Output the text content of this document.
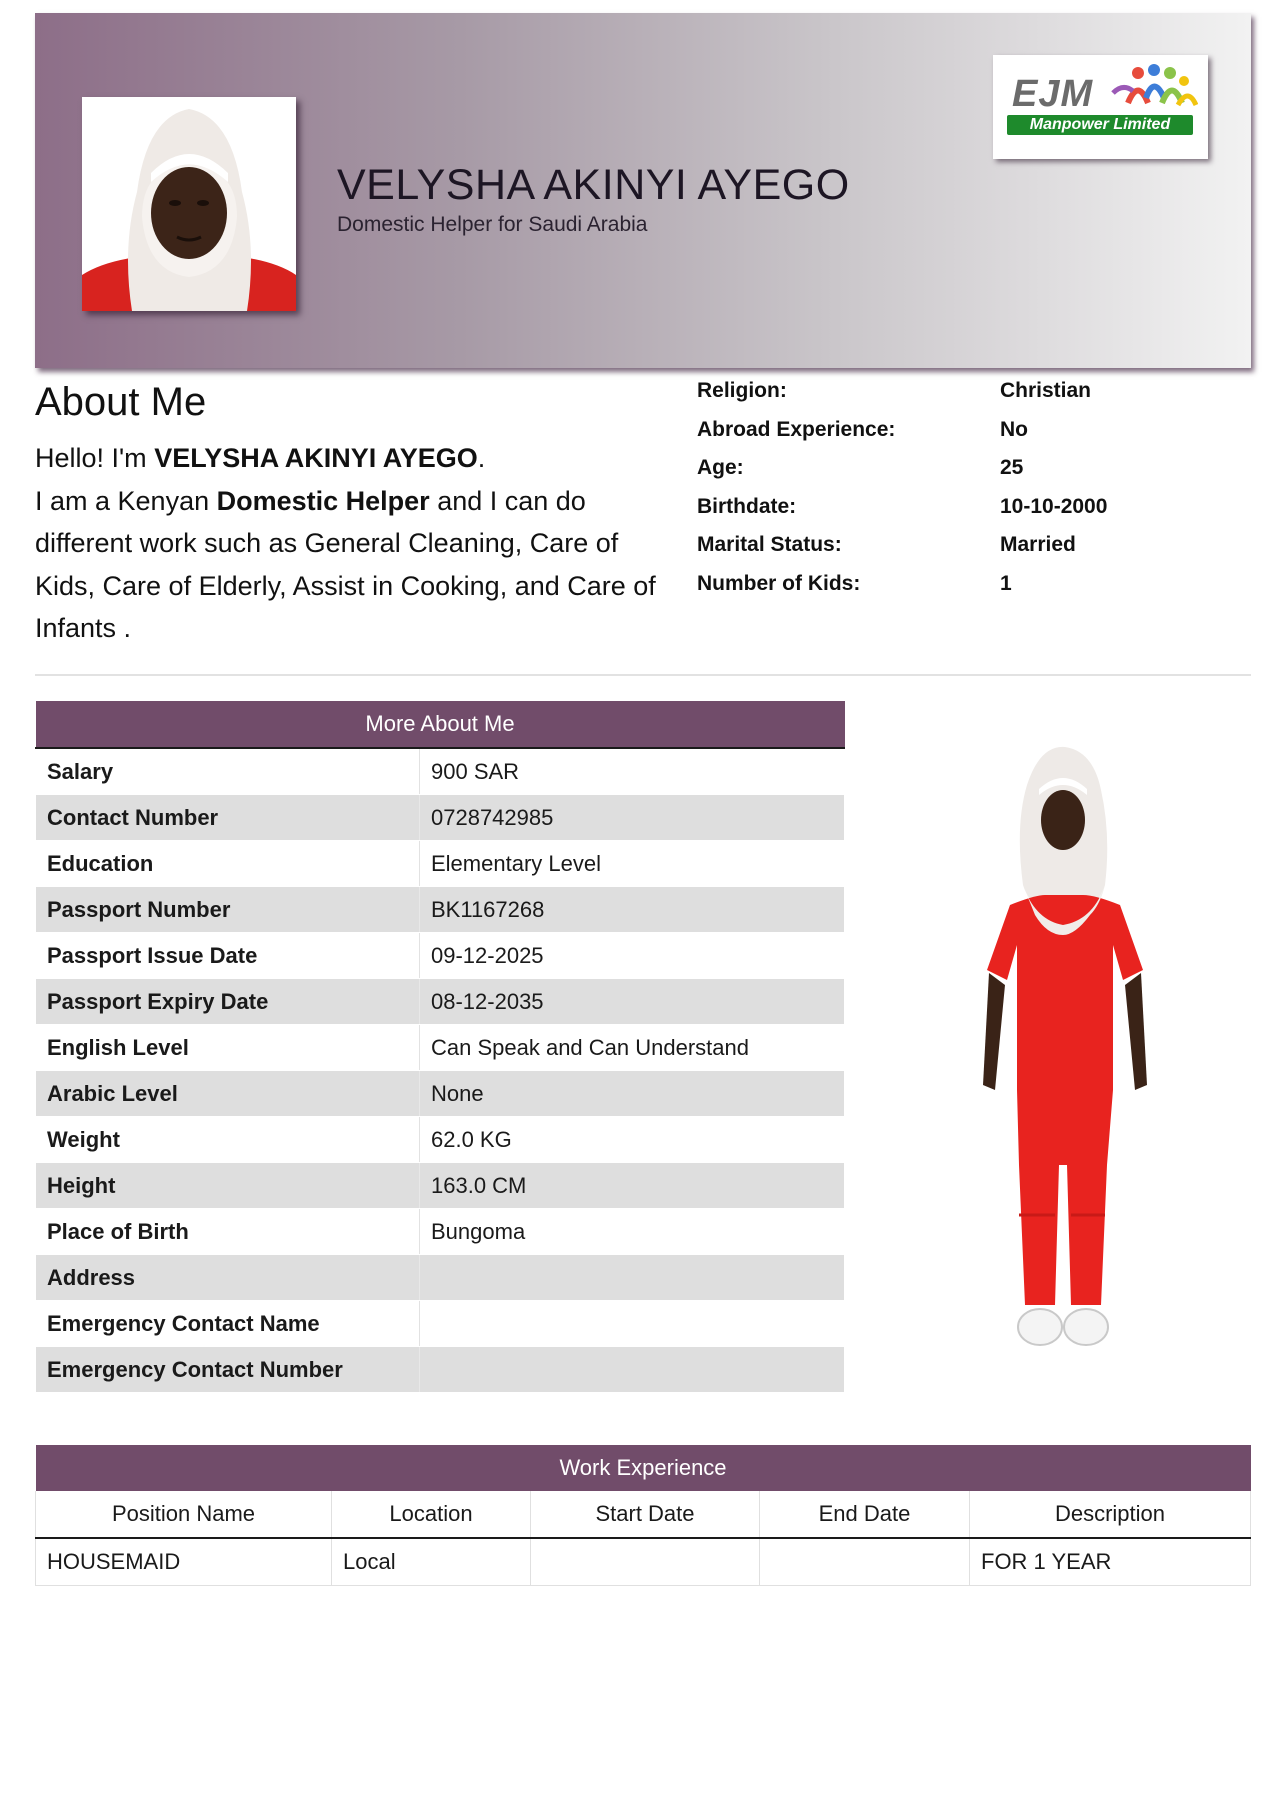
VELYSHA AKINYI AYEGO
Domestic Helper for Saudi Arabia
EJM
Manpower Limited
About Me
Hello! I'm VELYSHA AKINYI AYEGO.
I am a Kenyan Domestic Helper and I can do different work such as General Cleaning, Care of Kids, Care of Elderly, Assist in Cooking, and Care of Infants .
Religion:	Christian
Abroad Experience:	No
Age:	25
Birthdate:	10-10-2000
Marital Status:	Married
Number of Kids:	1
More About Me	
Salary	900 SAR
Contact Number	0728742985
Education	Elementary Level
Passport Number	BK1167268
Passport Issue Date	09-12-2025
Passport Expiry Date	08-12-2035
English Level	Can Speak and Can Understand
Arabic Level	None
Weight	62.0 KG
Height	163.0 CM
Place of Birth	Bungoma
Address	
Emergency Contact Name	
Emergency Contact Number	
Work Experience				
Position Name	Location	Start Date	End Date	Description
HOUSEMAID	Local			FOR 1 YEAR
